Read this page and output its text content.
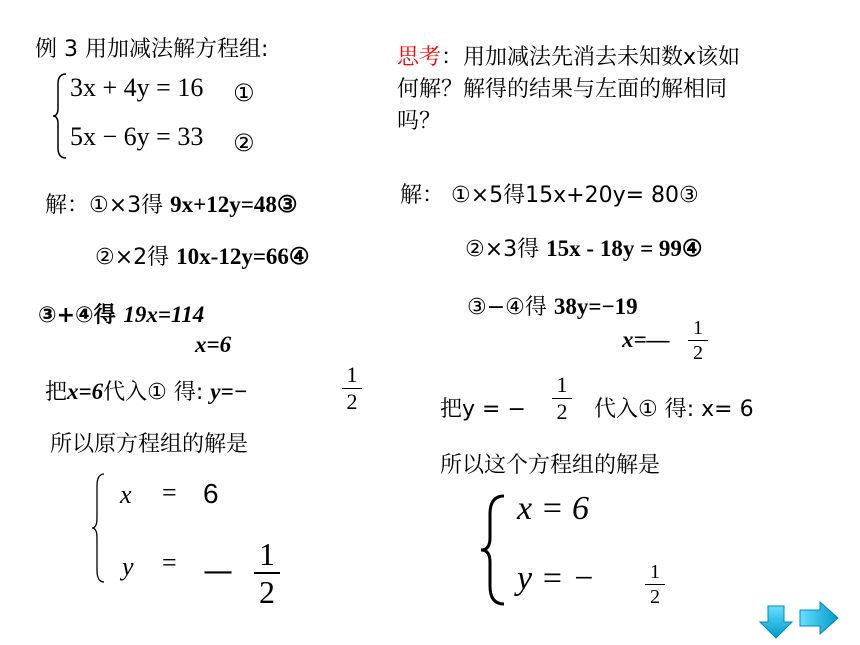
例 3 用加减法解方程组:
3x + 4y = 16 ①
5x − 6y = 33 ②
解：①×3得 9x+12y=48③
②×2得 10x-12y=66④
③+④得 19x=114
x=6
把x=6代入① 得: y=−
1
2
所以原方程组的解是
x = 6
y = — 1
2
思考：用加减法先消去未知数x该如
何解？解得的结果与左面的解相同
吗？
解： ①×5得15x+20y= 80③
②×3得 15x - 18y = 99④
③−④得 38y=−19
x=— 1
2
把y = −
1
2 代入① 得: x= 6
所以这个方程组的解是
x = 6
y = −	1
2
